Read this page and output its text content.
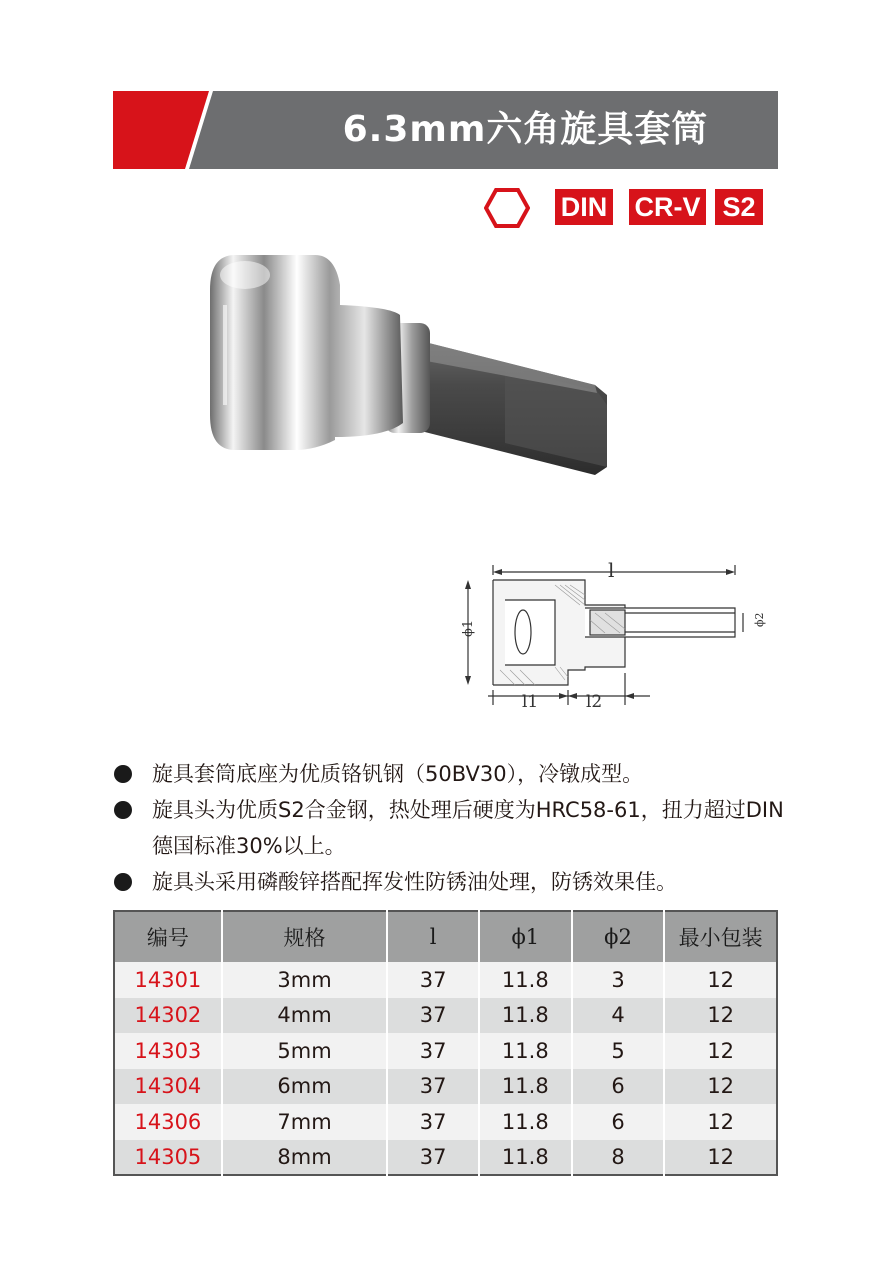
6.3mm六角旋具套筒
DIN CR-V S2
l
ϕ1
ϕ2
l1	l2
旋具套筒底座为优质铬钒钢（50BV30），冷镦成型。
旋具头为优质S2合金钢，热处理后硬度为HRC58-61，扭力超过DIN德国标准30%以上。
旋具头采用磷酸锌搭配挥发性防锈油处理，防锈效果佳。
编号	规格	l	ϕ1	ϕ2	最小包装
14301	3mm	37	11.8	3	12
14302	4mm	37	11.8	4	12
14303	5mm	37	11.8	5	12
14304	6mm	37	11.8	6	12
14306	7mm	37	11.8	6	12
14305	8mm	37	11.8	8	12
